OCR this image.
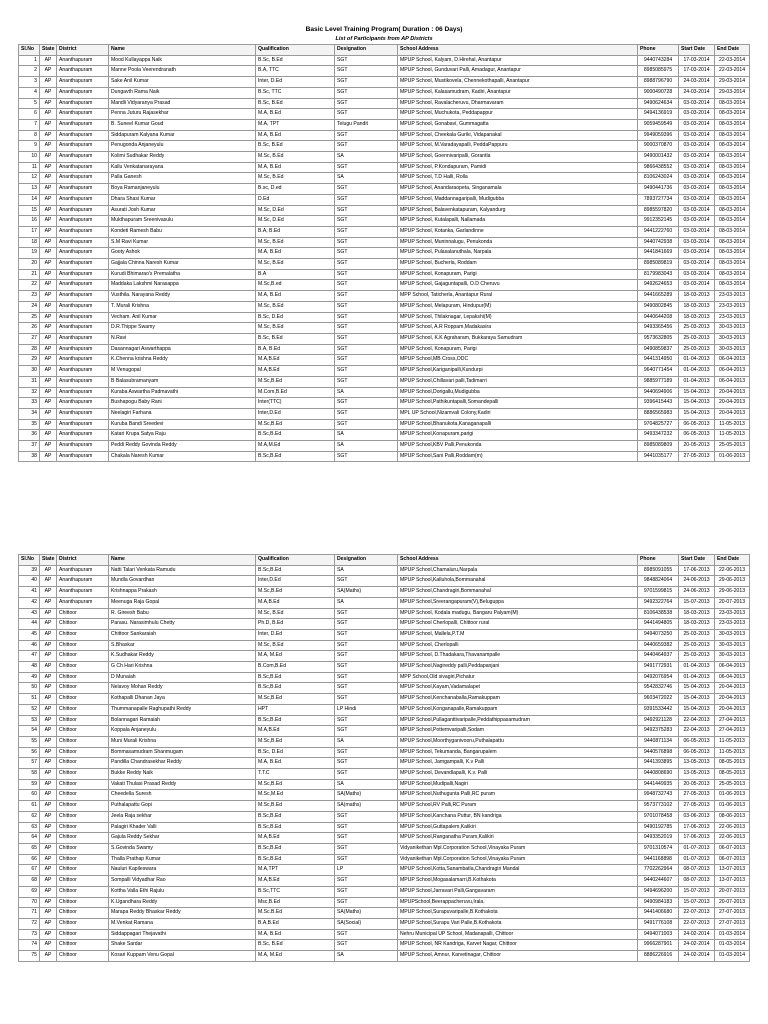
Basic Level Training Program( Duration : 06 Days)									
List of Participants from AP Districts									
Sl.No	State	District	Name	Qualification	Designation	School Address	Phone	Start Date	End Date
1	AP	Ananthapuram	Mood Kullayappa Naik	B.Sc, B.Ed	SGT	MPUP School, Kalyam, D.Hirehal, Anantapur	9440743284	17-03-2014	22-03-2014
2	AP	Ananthapuram	Manne Poola Veerendranath	B.A, TTC	SGT	MPUP School, Gunduvari Palli, Amadagur, Anantapur	8985085975	17-03-2014	22-03-2014
3	AP	Ananthapuram	Sake Anil Kumar	Inter, D.Ed	SGT	MPUP School, Mustikovela, Chennekothapalli, Anantapur	8988796790	24-03-2014	29-03-2014
4	AP	Ananthapuram	Dungavth Rama Naik	B.Sc, TTC	SGT	MPUP School, Kalasamudram, Kadiri, Anantapur	9000490728	24-03-2014	29-03-2014
5	AP	Ananthapuram	Mandli Vidyaranya Prasad	B.Sc, B.Ed	SGT	MPUP School, Ravalacheruvu, Dharmavaram	9490624634	03-03-2014	08-03-2014
6	AP	Ananthapuram	Penna Juturu Rajasekhar	M.A, B.Ed	SGT	MPUP School, Muchukota, Peddapappur	9494136919	03-03-2014	08-03-2014
7	AP	Ananthapuram	B. Suneel Kumar Goud	M.A, TPT	Telugu Pandit	MPUP School, Gonabavi, Gummagatta	9059459549	03-03-2014	08-03-2014
8	AP	Ananthapuram	Siddapuram Kalyana Kumar	M.A, B.Ed	SGT	MPUP School, Cheekala Guriki, Vidapanakal	9949059396	03-03-2014	08-03-2014
9	AP	Ananthapuram	Penugonda Anjaneyulu	B.Sc, B.Ed	SGT	MPUP School, M.Varadayapalli, PeddaPappuru	9000370870	03-03-2014	08-03-2014
10	AP	Ananthapuram	Kolimi Sudhakar Reddy	M.Sc, B.Ed	SA	MPUP School, Goennivaripalli, Gorantla	9490001432	03-03-2014	08-03-2014
11	AP	Ananthapuram	Kallu Venkatanarayana	M.A, B.Ed	SGT	MPUP School, P.Kondapuram, Pamidi	9866438552	03-03-2014	08-03-2014
12	AP	Ananthapuram	Palla Ganesh	M.Sc, B.Ed	SA	MPUP School, T.D Halli, Rolla	8106243024	03-03-2014	08-03-2014
13	AP	Ananthapuram	Boya Ramanjaneyulu	B.sc, D.ed	SGT	MPUP School, Anandaraopeta, Singanamala	9490441736	03-03-2014	08-03-2014
14	AP	Ananthapuram	Dhara Shasi Kumar	D.Ed	SGT	MPUP School, Maddannagaripalli, Mudigubba	7893727734	03-03-2014	08-03-2014
15	AP	Ananthapuram	Asurati Josh Kumar	M.Sc, D.Ed	SGT	MPUP School, Balavenkatapuram, Kalyandurg	8985597820	03-03-2014	08-03-2014
16	AP	Ananthapuram	Mukthapuram Sreenivasulu	M.Sc, D.Ed	SGT	MPUP School, Kutalapalli, Nallamada	9912352145	03-03-2014	08-03-2014
17	AP	Ananthapuram	Kondeti Ramesh Babu	B.A, B.Ed	SGT	MPUP School, Kotanka, Garlandinne	9441222760	03-03-2014	08-03-2014
18	AP	Ananthapuram	S.M Ravi Kumar	M.Sc, B.Ed	SGT	MPUP School, Muninnalugu, Penukonda	9440742938	03-03-2014	08-03-2014
19	AP	Ananthapuram	Gooty Ashok	M.A, B.Ed	SGT	MPUP School, Pulasalanuthala, Narpala	9441841669	03-03-2014	08-03-2014
20	AP	Ananthapuram	Gajjala Chinna Naresh Kumar	M.Sc, B.Ed	SGT	MPUP School, Bucherla, Roddam	8985089819	03-03-2014	08-03-2014
21	AP	Ananthapuram	Kurudi Bhimarao's Premalatha	B.A	SGT	MPUP School, Konapuram, Parigi	8179983043	03-03-2014	08-03-2014
22	AP	Ananthapuram	Maddaka Lakshmi Narasappa	M.Sc,B.ed	SGT	MPUP School, Gajaguntapalli, O.D Cheruvu	9492624653	03-03-2014	08-03-2014
23	AP	Ananthapuram	Vusthila. Narayana Reddy	M.A, B.Ed	SGT	MPP School, Taticherla, Anantapur Rural	9441665289	18-03-2013	23-03-2013
24	AP	Ananthapuram	T. Murali Krishna	M.Sc, B.Ed	SGT	MPUP School, Melapuram, Hindupur(M)	9490802845	18-03-2013	23-03-2013
25	AP	Ananthapuram	Vecham. Anil Kumar	B.Sc, D.Ed	SGT	MPUP School, Thilaknagar, Lepakshi(M)	9440644208	18-03-2013	23-03-2013
26	AP	Ananthapuram	D.R.Thippe Swamy	M.Sc, B.Ed	SGT	MPUP School, A.R Roppam,Madakasira	9493365456	25-03-2013	30-03-2013
27	AP	Ananthapuram	N.Ravi	B.Sc, B.Ed	SGT	MPUP School, K.K Agraharam, Bukkaraya Samudram	9573632805	25-03-2013	30-03-2013
28	AP	Ananthapuram	Dasannagari Aswarthappa	B.A, B.Ed	SGT	MPUP School, Konapuram, Parigi	9490859837	25-03-2013	30-03-2013
29	AP	Ananthapuram	K.Chenna krishna Reddy	M.A,B.Ed	SGT	MPUP School,MB Cross,ODC	9441314950	01-04-2013	06-04-2013
30	AP	Ananthapuram	M Venugopal	M.A,B.Ed	SGT	MPUP School,Kariganipalli,Kundurpi	9640771454	01-04-2013	06-04-2013
31	AP	Ananthapuram	B Balasubramanyam	M.Sc,B.Ed	SGT	MPUP School,Chillavari palli,Tadimarri	9885977189	01-04-2013	06-04-2013
32	AP	Ananthapuram	Kuraba Aswartha Padmavathi	M.Com,B.Ed	SA	MPUP School,Dorigallu,Mudigubba	9440694906	15-04-2013	20-04-2013
33	AP	Ananthapuram	Bushapogu Baby Rani	Inter(TTC)	SGT	MPUP School,Pathikuntapalli,Somandepalli	9396415443	15-04-2013	20-04-2013
34	AP	Ananthapuram	Neelagiri Farhana	Inter,D.Ed	SGT	MPL UP School,Nizamvali Colony,Kadiri	8886565983	15-04-2013	20-04-2013
35	AP	Ananthapuram	Kuruba Bandi Sreedevi	M.Sc,B.Ed	SGT	MPUP School,Bhanukota,Kanaganapalli	9704825727	06-05-2013	11-05-2013
36	AP	Ananthapuram	Katari Krupa Satya Raju	B.Sc,B.Ed	SA	MPUP School,Konapuram,parigi	9493347232	06-05-2013	11-05-2013
37	AP	Ananthapuram	Peddi Reddy Govinda Reddy	M.A,M.Ed	SA	MPUP School,KBV Palli,Penukonda	8985089809	20-05-2013	25-05-2013
38	AP	Ananthapuram	Chakala Naresh Kumar	B.Sc,B.Ed	SGT	MPUP School,Sani Palli,Roddam(m)	9441035177	27-05-2013	01-06-2013
Sl.No	State	District	Name	Qualification	Designation	School Address	Phone	Start Date	End Date
39	AP	Ananthapuram	Natti Talari Venkata Ramudu	B.Sc,B.Ed	SA	MPUP School,Chamaluru,Narpala	8985091055	17-06-2013	22-06-2013
40	AP	Ananthapuram	Mundla Govardhan	Inter,D.Ed	SGT	MPUP School,Kalluhola,Bommanahal	9848824064	24-06-2013	29-06-2013
41	AP	Ananthapuram	Krishnappa Prakash	M.Sc,B.Ed	SA(Maths)	MPUP School,Chandragiri,Bommanahal	9701599815	24-06-2013	29-06-2013
42	AP	Ananthapuram	Meenuga Raja Gopal	M.A,B.Ed	SA	MPUP School,Sreerangapuram(V),Beluguppa	9492322764	15-07-2013	20-07-2013
43	AP	Chittoor	R. Gireesh Babu	M.Sc, B.Ed	SGT	MPUP School, Kodala madugu, Bangaru Palyam(M)	8106438538	18-03-2013	23-03-2013
44	AP	Chittoor	Parasu. Narasimhulu Chetty	Ph.D, B.Ed	SGT	MPUP School Cherlopalli, Chittoor rural	9441494805	18-03-2013	23-03-2013
45	AP	Chittoor	Chittoor Sankaraiah	Inter, D.Ed	SGT	MPUP School, Mallela,P.T.M	9494073250	25-03-2013	30-03-2013
46	AP	Chittoor	S.Bhaskar	M.Sc, B.Ed	SGT	MPUP School, Cherlopalli	9440659382	25-03-2013	30-03-2013
47	AP	Chittoor	K.Sudhakar Reddy	M.A, M.Ed	SGT	MPUP School, D.Thadakara,Thavanampalle	9440464937	25-03-2013	30-03-2013
48	AP	Chittoor	G Ch Hari Krishna	B.Com,B.Ed	SGT	MPUP School,Nagireddy palli,Peddapanjani	9491772931	01-04-2013	06-04-2013
49	AP	Chittoor	D Munaiah	B.Sc,B.Ed	SGT	MPP School,Old sivagiri,Pichatur	9492076954	01-04-2013	06-04-2013
50	AP	Chittoor	Nelavoy Mohan Reddy	B.Sc,B.Ed	SGT	MPUP School,Kayam,Vadamalapet	9542832746	15-04-2013	20-04-2013
51	AP	Chittoor	Kothapalli Dhanan Jaya	M.Sc,B.Ed	SGT	MPUP School,Kenchanaballa,Ramakuppam	9603472022	15-04-2013	20-04-2013
52	AP	Chittoor	Thummanapalle Raghupathi Reddy	HPT	LP Hindi	MPUP School,Konganapalle,Ramakuppam	9391533442	15-04-2013	20-04-2013
53	AP	Chittoor	Bolannagari Ramaiah	B.Sc,B.Ed	SGT	MPUP School,Pullaganttivaripalle,Peddathippasamudram	9492921128	22-04-2013	27-04-2013
54	AP	Chittoor	Koppala Anjaneyulu	M.A,B.Ed	SGT	MPUP School,Pottemvaripalli,Sodam	9492375283	22-04-2013	27-04-2013
55	AP	Chittoor	Muni Murali Krishna	M.Sc,B.Ed	SA	MPUP School,Moorthyganivooru,Puthalapattu	9440871134	06-05-2013	11-05-2013
56	AP	Chittoor	Bommasamudram Shanmugam	B.Sc, D.Ed	SGT	MPUP School, Tekumanda, Bangarupalem	9440576898	06-05-2013	11-05-2013
57	AP	Chittoor	Pandilla Chandrasekhar Reddy	M.A, B.Ed	SGT	MPUP School, Jamgampalli, K.v Palli	9441393895	13-05-2013	08-05-2013
58	AP	Chittoor	Bukke Reddy Naik	T.T.C	SGT	MPUP School, Devandlapalli, K.v. Palli	9440808690	13-05-2013	08-05-2013
59	AP	Chittoor	Vakati Thulasi Prasad Reddy	M.Sc,B.Ed	SA	MPUP School,Mudipalli,Nagiri	9441449935	20-05-2013	25-05-2013
60	AP	Chittoor	Cheedella Suresh	M.Sc,M.Ed	SA(Maths)	MPUP School,Nuthugunta Palli,RC puram	9948732743	27-05-2013	01-06-2013
61	AP	Chittoor	Puthalapattu Gopi	M.Sc,B.Ed	SA(maths)	MPUP School,RV Palli,RC Puram	9573773102	27-05-2013	01-06-2013
62	AP	Chittoor	Jeela Raja sekhar	B.Sc,B.Ed	SGT	MPUP School,Kanchana Puttur, BN kandriga	9701078458	03-06-2013	08-06-2013
63	AP	Chittoor	Palagiri Khader Valli	B.Sc,B.Ed	SGT	MPUP School,Guttapalem,Kalikiri	9490192785	17-06-2013	22-06-2013
64	AP	Chittoor	Gajula Reddy Sekhar	M.A,B.Ed	SGT	MPUP School,Ranganatha Puram,Kalikiri	9493352019	17-06-2013	22-06-2013
65	AP	Chittoor	S.Govinda Swamy	B.Sc,B.Ed	SGT	Vidyanikethan Mpl.Corporation School,Vinayaka Puram	9701310574	01-07-2013	06-07-2013
66	AP	Chittoor	Thalla Prathap Kumar	B.Sc,B.Ed	SGT	Vidyanikethan Mpl.Corporation School,Vinayaka Puram	9441168898	01-07-2013	06-07-2013
67	AP	Chittoor	Nauluri Kapileswara	M.A,TPT	LP	MPUP School,Kotta,Sanambatla,Chandragiri Mandal	7702262964	08-07-2013	13-07-2013
68	AP	Chittoor	Sompalli Vidyadhar Rao	M.A,B.Ed	SGT	MPUP School,Mogasalamarri,B.Kothakota	9440244607	08-07-2013	13-07-2013
69	AP	Chittoor	Kottha Valla Ethi Rajulu	B.Sc,TTC	SGT	MPUP School,Jarravari Palli,Gangavaram	9494696200	15-07-2013	20-07-2013
70	AP	Chittoor	K.Ugandhara Reddy	Msc,B.Ed	SGT	MPUPSchool,Beerappacheruvu,Irala.	9490984183	15-07-2013	20-07-2013
71	AP	Chittoor	Marapa Reddy Bhaskar Reddy	M.Sc.B.Ed	SA(Maths)	MPUP School,Surapuvaripalle,B.Kothakota	9441406680	22-07-2013	27-07-2013
72	AP	Chittoor	M.Venkat Ramana	B.A,B.Ed	SA(Social)	MPUP School,Surapu Vari Palle,B.Kothakota	9491776108	22-07-2013	27-07-2013
73	AP	Chittoor	Siddappagari Thejavathi	M.A, B.Ed	SGT	Nehru Municipal UP School, Madanapalli, Chittoor	9494071003	24-02-2014	01-03-2014
74	AP	Chittoor	Shake Sardar	B.Sc, B.Ed	SGT	MPUP School, NR Kandriga, Karvet Nagar, Chittoor	9966287901	24-02-2014	01-03-2014
75	AP	Chittoor	Kosari Kuppam Venu Gopal	M.A, M.Ed	SA	MPUP School, Amnur, Karvetinagar, Chittoor	8886226916	24-02-2014	01-03-2014
